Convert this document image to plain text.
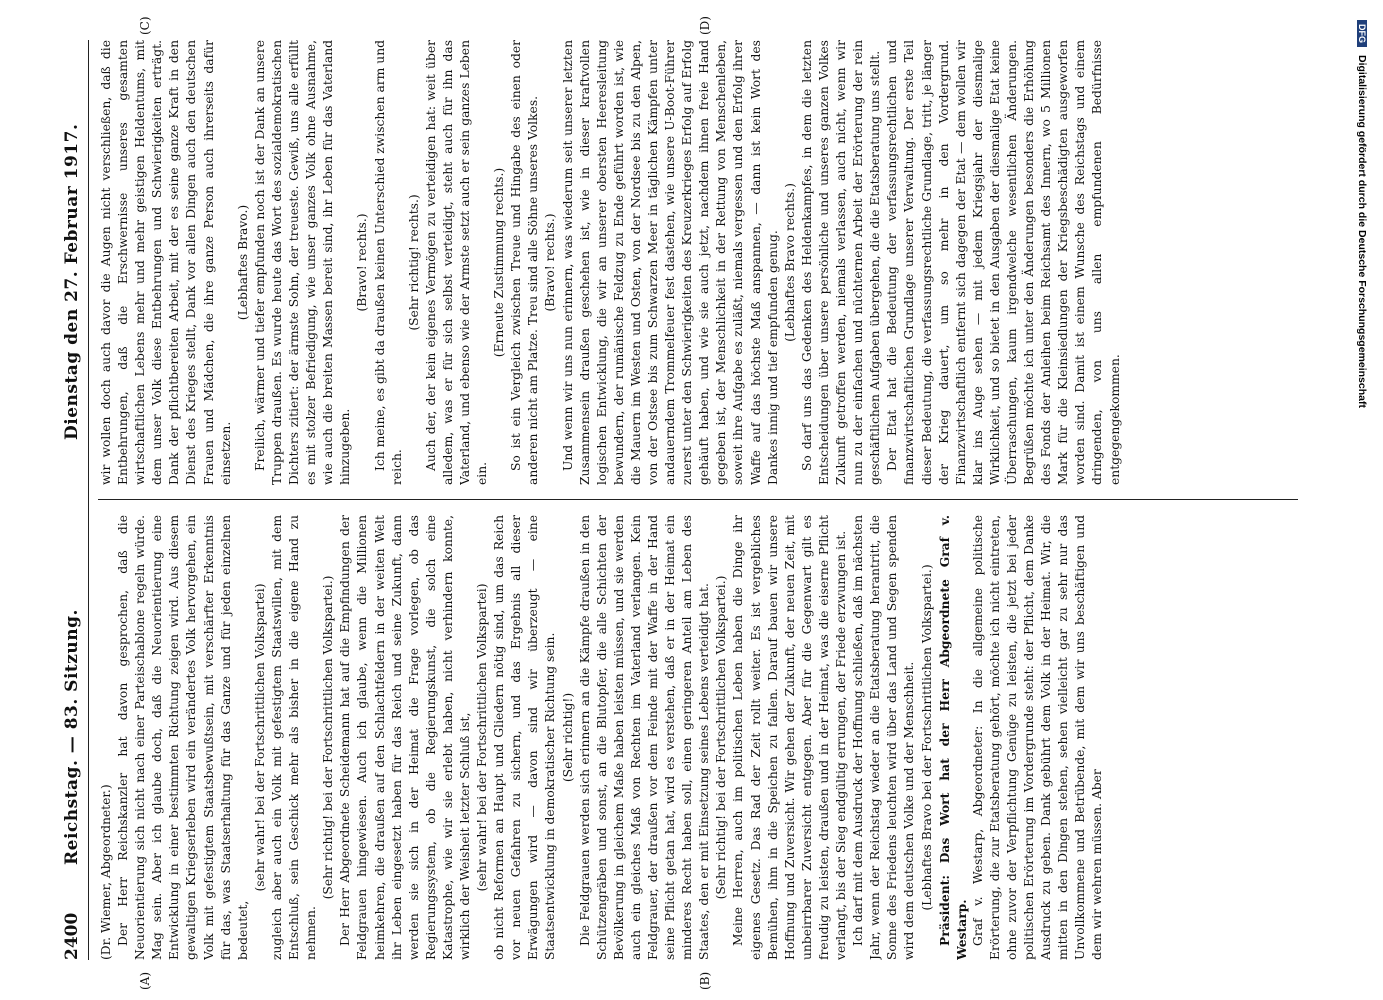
2400
Reichstag. — 83. Sitzung.
Dienstag den 27. Februar 1917.

(Dr. Wiemer, Abgeordneter.) Der Herr Reichskanzler hat davon gesprochen, daß die Neuorientierung sich nicht nach einer Parteischablone regeln würde. Mag sein. Aber ich glaube doch, daß die Neuorientierung eine Entwicklung in einer bestimmten Richtung zeigen wird. Aus diesem gewaltigen Kriegserleben wird ein verändertes Volk hervorgehen, ein Volk mit gefestigtem Staatsbewußtsein, mit verschärfter Erkenntnis für das, was Staatserhaltung für das Ganze und für jeden einzelnen bedeutet,

(sehr wahr! bei der Fortschrittlichen Volkspartei) zugleich aber auch ein Volk mit gefestigtem Staatswillen, mit dem Entschluß, sein Geschick mehr als bisher in die eigene Hand zu nehmen.

(Sehr richtig! bei der Fortschrittlichen Volkspartei.) Der Herr Abgeordnete Scheidemann hat auf die Empfindungen der Feldgrauen hingewiesen. Auch ich glaube, wenn die Millionen heimkehren, die draußen auf den Schlachtfeldern in der weiten Welt ihr Leben eingesetzt haben für das Reich und seine Zukunft, dann werden sie sich in der Heimat die Frage vorlegen, ob das Regierungssystem, ob die Regierungskunst, die solch eine Katastrophe, wie wir sie erlebt haben, nicht verhindern konnte, wirklich der Weisheit letzter Schluß ist, (sehr wahr! bei der Fortschrittlichen Volkspartei) ob nicht Reformen an Haupt und Gliedern nötig sind, um das Reich vor neuen Gefahren zu sichern, und das Ergebnis all dieser Erwägungen wird — davon sind wir überzeugt — eine Staatsentwicklung in demokratischer Richtung sein. (Sehr richtig!) Die Feldgrauen werden sich erinnern an die Kämpfe draußen in den Schützengräben und sonst, an die Blutopfer, die alle Schichten der Bevölkerung in gleichem Maße haben leisten müssen, und sie werden auch ein gleiches Maß von Rechten im Vaterland verlangen. Kein Feldgrauer, der draußen vor dem Feinde mit der Waffe in der Hand seine Pflicht getan hat, wird es verstehen, daß er in der Heimat ein minderes Recht haben soll, einen geringeren Anteil am Leben des Staates, den er mit Einsetzung seines Lebens verteidigt hat. (Sehr richtig! bei der Fortschrittlichen Volkspartei.) Meine Herren, auch im politischen Leben haben die Dinge ihr eigenes Gesetz. Das Rad der Zeit rollt weiter. Es ist vergebliches Bemühen, ihm in die Speichen zu fallen. Darauf bauen wir unsere Hoffnung und Zuversicht. Wir gehen der Zukunft, der neuen Zeit, mit unbeirrbarer Zuversicht entgegen. Aber für die Gegenwart gilt es freudig zu leisten, draußen und in der Heimat, was die eiserne Pflicht verlangt, bis der Sieg endgültig errungen, der Friede erzwungen ist. Ich darf mit dem Ausdruck der Hoffnung schließen, daß im nächsten Jahr, wenn der Reichstag wieder an die Etatsberatung herantritt, die Sonne des Friedens leuchten wird über das Land und Segen spenden wird dem deutschen Volke und der Menschheit. (Lebhaftes Bravo bei der Fortschrittlichen Volkspartei.) Präsident: Das Wort hat der Herr Abgeordnete Graf v. Westarp. Graf v. Westarp, Abgeordneter: In die allgemeine politische Erörterung, die zur Etatsberatung gehört, möchte ich nicht eintreten, ohne zuvor der Verpflichtung Genüge zu leisten, die jetzt bei jeder politischen Erörterung im Vordergrunde steht: der Pflicht, dem Danke Ausdruck zu geben. Dank gebührt dem Volk in der Heimat. Wir, die mitten in den Dingen stehen, sehen vielleicht gar zu sehr nur das Unvollkommene und Betrübende, mit dem wir uns beschäftigen und dem wir wehren müssen. Aber

wir wollen doch auch davor die Augen nicht verschließen, daß die Entbehrungen, daß die Erschwernisse unseres gesamten wirtschaftlichen Lebens mehr und mehr geistigen Heldentums, mit dem unser Volk diese Entbehrungen und Schwierigkeiten erträgt. Dank der pflichtbereiten Arbeit, mit der es seine ganze Kraft in den Dienst des Krieges stellt, Dank vor allen Dingen auch den deutschen Frauen und Mädchen, die ihre ganze Person auch ihrerseits dafür einsetzen.

(Lebhaftes Bravo.) Freilich, wärmer und tiefer empfunden noch ist der Dank an unsere Truppen draußen. Es wurde heute das Wort des sozialdemokratischen Dichters zitiert: der ärmste Sohn, der treueste. Gewiß, uns alle erfüllt es mit stolzer Befriedigung, wie unser ganzes Volk ohne Ausnahme, wie auch die breiten Massen bereit sind, ihr Leben für das Vaterland hinzugeben.

(Bravo! rechts.) Ich meine, es gibt da draußen keinen Unterschied zwischen arm und reich.

(Sehr richtig! rechts.) Auch der, der kein eigenes Vermögen zu verteidigen hat: weit über alledem, was er für sich selbst verteidigt, steht auch für ihn das Vaterland, und ebenso wie der Armste setzt auch er sein ganzes Leben ein.

(Erneute Zustimmung rechts.) So ist ein Vergleich zwischen Treue und Hingabe des einen oder anderen nicht am Platze. Treu sind alle Söhne unseres Volkes. (Bravo! rechts.) Und wenn wir uns nun erinnern, was wiederum seit unserer letzten Zusammensein draußen geschehen ist, wie in dieser kraftvollen logischen Entwicklung, die wir an unserer obersten Heeresleitung bewundern, der rumänische Feldzug zu Ende geführt worden ist, wie die Mauern im Westen und Osten, von der Nordsee bis zu den Alpen, von der Ostsee bis zum Schwarzen Meer in täglichen Kämpfen unter andauerndem Trommelfeuer fest dastehen, wie unsere U-Boot-Führer zuerst unter den Schwierigkeiten des Kreuzerkrieges Erfolg auf Erfolg gehäuft haben, und wie sie auch jetzt, nachdem ihnen freie Hand gegeben ist, der Menschlichkeit in der Rettung von Menschenleben, soweit ihre Aufgabe es zuläßt, niemals vergessen und den Erfolg ihrer Waffe auf das höchste Maß anspannen, — dann ist kein Wort des Dankes innig und tief empfunden genug. (Lebhaftes Bravo rechts.) So darf uns das Gedenken des Heldenkampfes, in dem die letzten Entscheidungen über unsere persönliche und unseres ganzen Volkes Zukunft getroffen werden, niemals verlassen, auch nicht, wenn wir nun zu der einfachen und nüchternen Arbeit der Erörterung der rein geschäftlichen Aufgaben übergehen, die die Etatsberatung uns stellt. Der Etat hat die Bedeutung der verfassungsrechtlichen und finanzwirtschaftlichen Grundlage unserer Verwaltung. Der erste Teil dieser Bedeutung, die verfassungsrechtliche Grundlage, tritt, je länger der Krieg dauert, um so mehr in den Vordergrund. Finanzwirtschaftlich entfernt sich dagegen der Etat — dem wollen wir klar ins Auge sehen — mit jedem Kriegsjahr der diesmalige Wirklichkeit, und so bietet in den Ausgaben der diesmalige Etat keine Überraschungen, kaum irgendwelche wesentlichen Änderungen. Begrüßen möchte ich unter den Änderungen besonders die Erhöhung des Fonds der Anleihen beim Reichsamt des Innern, wo 5 Millionen Mark für die Kleinsiedlungen der Kriegsbeschädigten ausgeworfen worden sind. Damit ist einem Wunsche des Reichstags und einem dringenden, von uns allen empfundenen Bedürfnisse entgegengekommen.

(A)	(B)
(C)	(D)	DFGDigitalisierung gefördert durch die Deutsche Forschungsgemeinschaft
